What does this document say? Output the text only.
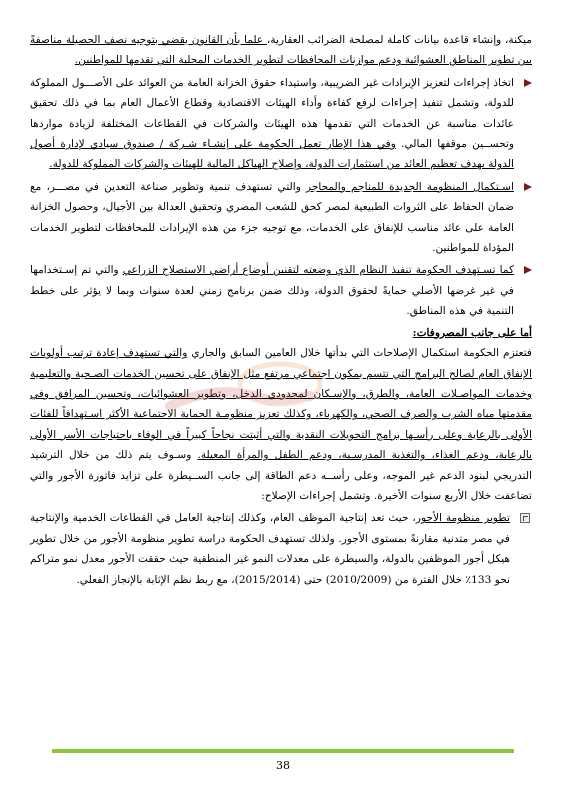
ميكنة، وإنشاء قاعدة بيانات كاملة لمصلحة الضرائب العقارية، علما بأن القانون يقضي بتوجيه نصف الحصيلة مناصفةً بين تطوير المناطق العشوائية ودعم موازنات المحافظات لتطوير الخدمات المحلية التي تقدمها للمواطنين.

اتخاذ إجراءات لتعزيز الإيرادات غير الضريبية، واستيداء حقوق الخزانة العامة من العوائد على الأصـــول المملوكة للدولة، وتشمل تنفيذ إجراءات لرفع كفاءة وأداء الهيئات الاقتصادية وقطاع الأعمال العام بما في ذلك تحقيق عائدات مناسبة عن الخدمات التي تقدمها هذه الهيئات والشركات في القطاعات المختلفة لزيادة مواردها وتحســين موقفها المالي. وفي هذا الإطار تعمل الحكومة على إنشـاء شـركة / صندوق سيادي لإدارة أصول الدولة بهدف تعظيم العائد من استثمارات الدولة، وإصلاح الهياكل المالية للهيئات والشركات المملوكة للدولة.
اسـتكمال المنظومة الجديدة للمناجم والمحاجر والتي تستهدف تنمية وتطوير صناعة التعدين في مصـــر، مع ضمان الحفاظ على الثروات الطبيعية لمصر كحق للشعب المصري وتحقيق العدالة بين الأجيال، وحصول الخزانة العامة على عائد مناسب للإنفاق على الخدمات، مع توجيه جزء من هذه الإيرادات للمحافظات لتطوير الخدمات المؤداة للمواطنين.
كما تسـتهدف الحكومة تنفيذ النظام الذي وضعته لتقنين أوضاع أراضي الاستصلاح الزراعي والتي تم إسـتخدامها في غير غرضها الأصلي حمايةً لحقوق الدولة، وذلك ضمن برنامج زمني لعدة سنوات وبما لا يؤثر على خطط التنمية في هذه المناطق.

أما على جانب المصروفات:

فتعتزم الحكومة استكمال الإصلاحات التي بدأتها خلال العامين السابق والجاري والتي تستهدف إعادة ترتيب أولويات الإنفاق العام لصالح البرامج التي تتسم بمكون اجتماعي مرتفع مثل الإنفاق على تحسين الخدمات الصـحية والتعليمية وخدمات المواصـلات العامة، والطرق، والإسـكان لمحدودي الدخل، وتطوير العشوائيات، وتحسين المرافق وفي مقدمتها مياه الشرب والصرف الصحي، والكهرباء، وكذلك تعزيز منظومـة الحماية الاجتماعية الأكثر اسـتهدافاً للفئات الأولى بالرعاية وعلى رأسـها برامج التحويلات النقدية والتي أثبتت نجاحاً كبيراً في الوفاء باحتياجات الأسر الأولى بالرعاية، ودعم الغذاء، والتغذية المدرسـية، ودعم الطفل والمرأة المعيلة. وسـوف يتم ذلك من خلال الترشيد التدريجي لبنود الدعم غير الموجه، وعلى رأســه دعم الطاقة إلى جانب الســيطرة على تزايد فاتورة الأجور والتي تضاعفت خلال الأربع سنوات الأخيرة. وتشمل إجراءات الإصلاح:

تطوير منظومة الأجور، حيث تعد إنتاجية الموظف العام، وكذلك إنتاجية العامل في القطاعات الخدمية والإنتاجية في مصر متدنية مقارنةً بمستوى الأجور. ولذلك تستهدف الحكومة دراسة تطوير منظومة الأجور من خلال تطوير هيكل أجور الموظفين بالدولة، والسيطرة على معدلات النمو غير المنطقية حيث حققت الأجور معدل نمو متراكم نحو 133٪ خلال الفترة من (2010/2009) حتى (2015/2014)، مع ربط نظم الإثابة بالإنجاز الفعلي.
38
